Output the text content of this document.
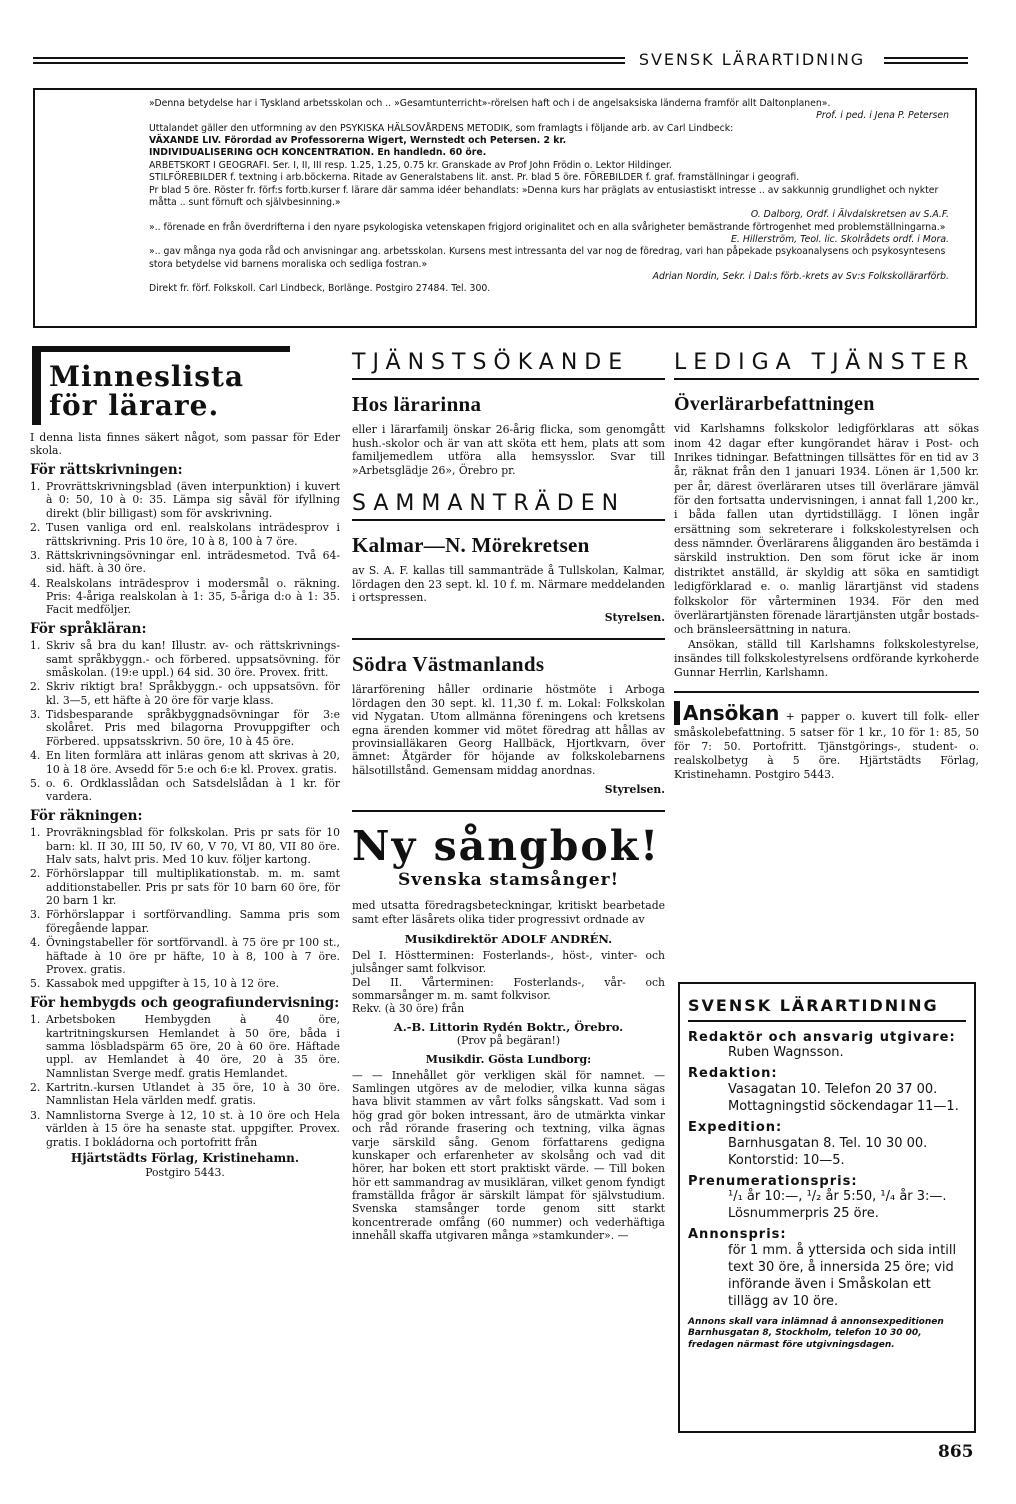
SVENSK LÄRARTIDNING

»Denna betydelse har i Tyskland arbetsskolan och .. »Gesamtunterricht»-rörelsen haft och i de angelsaksiska länderna framför allt Daltonplanen».

Prof. i ped. i Jena P. Petersen

Uttalandet gäller den utformning av den PSYKISKA HÄLSOVÅRDENS METODIK, som framlagts i följande arb. av Carl Lindbeck:

VÄXANDE LIV. Förordad av Professorerna Wigert, Wernstedt och Petersen. 2 kr.

INDIVIDUALISERING OCH KONCENTRATION. En handledn. 60 öre.

ARBETSKORT I GEOGRAFI. Ser. I, II, III resp. 1.25, 1.25, 0.75 kr. Granskade av Prof John Frödin o. Lektor Hildinger.

STILFÖREBILDER f. textning i arb.böckerna. Ritade av Generalstabens lit. anst. Pr. blad 5 öre. FÖREBILDER f. graf. framställningar i geografi.

Pr blad 5 öre. Röster fr. förf:s fortb.kurser f. lärare där samma idéer behandlats: »Denna kurs har präglats av entusiastiskt intresse .. av sakkunnig grundlighet och nykter måtta .. sunt förnuft och självbesinning.»

O. Dalborg, Ordf. i Älvdalskretsen av S.A.F.

».. förenade en från överdrifterna i den nyare psykologiska vetenskapen frigjord originalitet och en alla svårigheter bemästrande förtrogenhet med problemställningarna.»

E. Hillerström, Teol. lic. Skolrådets ordf. i Mora.

».. gav många nya goda råd och anvisningar ang. arbetsskolan. Kursens mest intressanta del var nog de föredrag, vari han påpekade psykoanalysens och psykosyntesens stora betydelse vid barnens moraliska och sedliga fostran.»

Adrian Nordin, Sekr. i Dal:s förb.-krets av Sv:s Folkskollärarförb.

Direkt fr. förf. Folkskoll. Carl Lindbeck, Borlänge. Postgiro 27484. Tel. 300.

Minneslista
för lärare.
I denna lista finnes säkert något, som passar för Eder skola.
För rättskrivningen:
1. Provrättskrivningsblad (även interpunktion) i kuvert à 0: 50, 10 à 0: 35. Lämpa sig såväl för ifyllning direkt (blir billigast) som för avskrivning.
2. Tusen vanliga ord enl. realskolans inträdesprov i rättskrivning. Pris 10 öre, 10 à 8, 100 à 7 öre.
3. Rättskrivningsövningar enl. inträdesmetod. Två 64-sid. häft. à 30 öre.
4. Realskolans inträdesprov i modersmål o. räkning. Pris: 4-åriga realskolan à 1: 35, 5-åriga d:o à 1: 35. Facit medföljer.
För språkläran:
1. Skriv så bra du kan! Illustr. av- och rättskrivnings- samt språkbyggn.- och förbered. uppsatsövning. för småskolan. (19:e uppl.) 64 sid. 30 öre. Provex. fritt.
2. Skriv riktigt bra! Språkbyggn.- och uppsatsövn. för kl. 3—5, ett häfte à 20 öre för varje klass.
3. Tidsbesparande språkbyggnadsövningar för 3:e skolåret. Pris med bilagorna Provuppgifter och Förbered. uppsatsskrivn. 50 öre, 10 à 45 öre.
4. En liten formlära att inläras genom att skrivas à 20, 10 à 18 öre. Avsedd för 5:e och 6:e kl. Provex. gratis.
5. o. 6. Ordklasslådan och Satsdelslådan à 1 kr. för vardera.
För räkningen:
1. Provräkningsblad för folkskolan. Pris pr sats för 10 barn: kl. II 30, III 50, IV 60, V 70, VI 80, VII 80 öre. Halv sats, halvt pris. Med 10 kuv. följer kartong.
2. Förhörslappar till multiplikationstab. m. m. samt additionstabeller. Pris pr sats för 10 barn 60 öre, för 20 barn 1 kr.
3. Förhörslappar i sortförvandling. Samma pris som föregående lappar.
4. Övningstabeller för sortförvandl. à 75 öre pr 100 st., häftade à 10 öre pr häfte, 10 à 8, 100 à 7 öre. Provex. gratis.
5. Kassabok med uppgifter à 15, 10 à 12 öre.
För hembygds och geografiundervisning:
1. Arbetsboken Hembygden à 40 öre, kartritningskursen Hemlandet à 50 öre, båda i samma lösbladspärm 65 öre, 20 à 60 öre. Häftade uppl. av Hemlandet à 40 öre, 20 à 35 öre. Namnlistan Sverge medf. gratis Hemlandet.
2. Kartritn.-kursen Utlandet à 35 öre, 10 à 30 öre. Namnlistan Hela världen medf. gratis.
3. Namnlistorna Sverge à 12, 10 st. à 10 öre och Hela världen à 15 öre ha senaste stat. uppgifter. Provex. gratis. I bokládorna och portofritt från
Hjärtstädts Förlag, Kristinehamn.
Postgiro 5443.
TJÄNSTSÖKANDE
Hos lärarinna
eller i lärarfamilj önskar 26-årig flicka, som genomgått hush.-skolor och är van att sköta ett hem, plats att som familjemedlem utföra alla hemsysslor. Svar till »Arbetsglädje 26», Örebro pr.
SAMMANTRÄDEN
Kalmar—N. Mörekretsen
av S. A. F. kallas till sammanträde å Tullskolan, Kalmar, lördagen den 23 sept. kl. 10 f. m. Närmare meddelanden i ortspressen.
Styrelsen.
Södra Västmanlands
lärarförening håller ordinarie höstmöte i Arboga lördagen den 30 sept. kl. 11,30 f. m. Lokal: Folkskolan vid Nygatan. Utom allmänna föreningens och kretsens egna ärenden kommer vid mötet föredrag att hållas av provinsialläkaren Georg Hallbäck, Hjortkvarn, över ämnet: Åtgärder för höjande av folkskolebarnens hälsotillstånd. Gemensam middag anordnas.
Styrelsen.
Ny sångbok!
Svenska stamsånger!
med utsatta föredragsbeteckningar, kritiskt bearbetade samt efter läsårets olika tider progressivt ordnade av
Musikdirektör ADOLF ANDRÉN.
Del I. Höstterminen: Fosterlands-, höst-, vinter- och julsånger samt folkvisor.
Del II. Vårterminen: Fosterlands-, vår- och sommarsånger m. m. samt folkvisor.
Rekv. (à 30 öre) från
A.-B. Littorin Rydén Boktr., Örebro.
(Prov på begäran!)
Musikdir. Gösta Lundborg:
— — Innehållet gör verkligen skäl för namnet. — Samlingen utgöres av de melodier, vilka kunna sägas hava blivit stammen av vårt folks sångskatt. Vad som i hög grad gör boken intressant, äro de utmärkta vinkar och råd rörande frasering och textning, vilka ägnas varje särskild sång. Genom författarens gedigna kunskaper och erfarenheter av skolsång och vad dit hörer, har boken ett stort praktiskt värde. — Till boken hör ett sammandrag av musikläran, vilket genom fyndigt framställda frågor är särskilt lämpat för självstudium. Svenska stamsånger torde genom sitt starkt koncentrerade omfång (60 nummer) och vederhäftiga innehåll skaffa utgivaren många »stamkunder». —
LEDIGA TJÄNSTER
Överlärarbefattningen
vid Karlshamns folkskolor ledigförklaras att sökas inom 42 dagar efter kungörandet härav i Post- och Inrikes tidningar. Befattningen tillsättes för en tid av 3 år, räknat från den 1 januari 1934. Lönen är 1,500 kr. per år, därest överläraren utses till överlärare jämväl för den fortsatta undervisningen, i annat fall 1,200 kr., i båda fallen utan dyrtidstillägg. I lönen ingår ersättning som sekreterare i folkskolestyrelsen och dess nämnder. Överlärarens åligganden äro bestämda i särskild instruktion. Den som förut icke är inom distriktet anställd, är skyldig att söka en samtidigt ledigförklarad e. o. manlig lärartjänst vid stadens folkskolor för vårterminen 1934. För den med överlärartjänsten förenade lärartjänsten utgår bostads- och bränsleersättning in natura.
Ansökan, ställd till Karlshamns folkskolestyrelse, insändes till folkskolestyrelsens ordförande kyrkoherde Gunnar Herrlin, Karlshamn.
Ansökan + papper o. kuvert till folk- eller småskolebefattning. 5 satser för 1 kr., 10 för 1: 85, 50 för 7: 50. Portofritt. Tjänstgörings-, student- o. realskolbetyg à 5 öre. Hjärtstädts Förlag, Kristinehamn. Postgiro 5443.
SVENSK LÄRARTIDNING
Redaktör och ansvarig utgivare:
Ruben Wagnsson.
Redaktion:
Vasagatan 10. Telefon 20 37 00. Mottagningstid söckendagar 11—1.
Expedition:
Barnhusgatan 8. Tel. 10 30 00. Kontorstid: 10—5.
Prenumerationspris:
¹/₁ år 10:—, ¹/₂ år 5:50, ¹/₄ år 3:—. Lösnummerpris 25 öre.
Annonspris:
för 1 mm. å yttersida och sida intill text 30 öre, å innersida 25 öre; vid införande även i Småskolan ett tillägg av 10 öre.
Annons skall vara inlämnad å annonsexpeditionen Barnhusgatan 8, Stockholm, telefon 10 30 00, fredagen närmast före utgivningsdagen.
865
